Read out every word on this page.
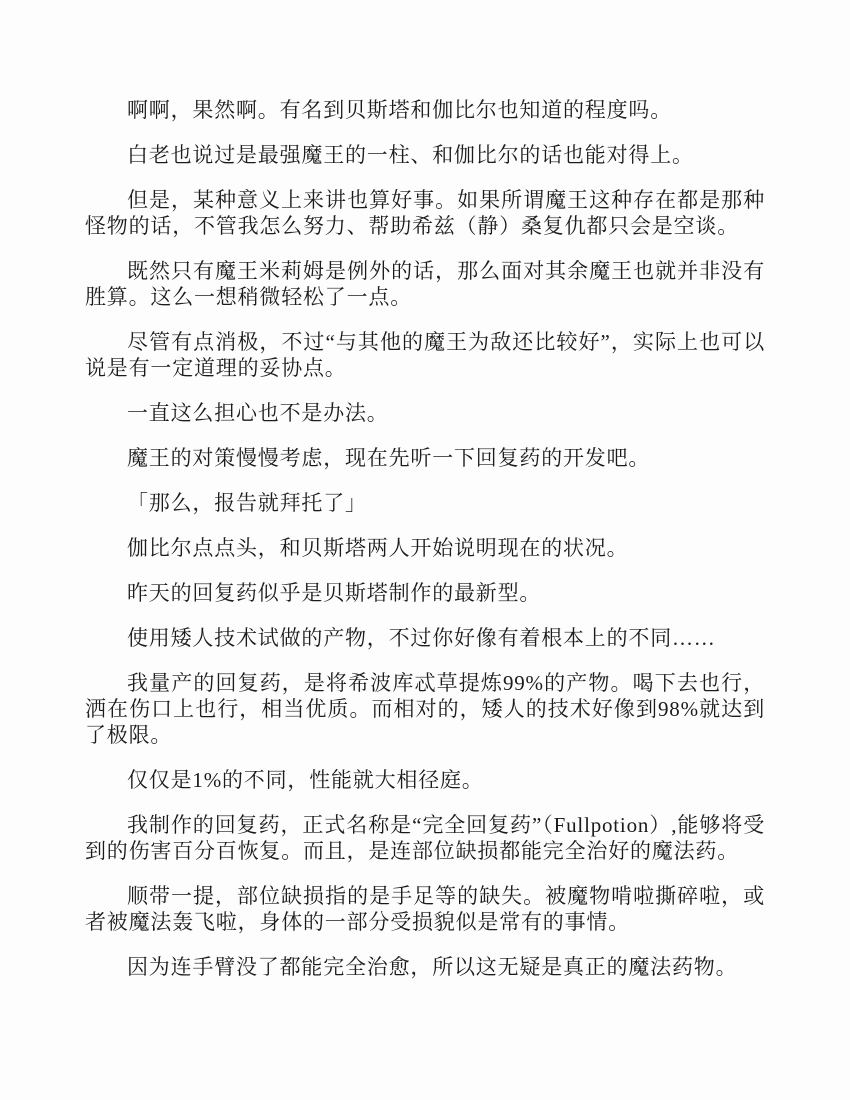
啊啊，果然啊。有名到贝斯塔和伽比尔也知道的程度吗。

白老也说过是最强魔王的一柱、和伽比尔的话也能对得上。

但是，某种意义上来讲也算好事。如果所谓魔王这种存在都是那种怪物的话，不管我怎么努力、帮助希兹（静）桑复仇都只会是空谈。

既然只有魔王米莉姆是例外的话，那么面对其余魔王也就并非没有胜算。这么一想稍微轻松了一点。

尽管有点消极，不过“与其他的魔王为敌还比较好”，实际上也可以说是有一定道理的妥协点。

一直这么担心也不是办法。

魔王的对策慢慢考虑，现在先听一下回复药的开发吧。

「那么，报告就拜托了」

伽比尔点点头，和贝斯塔两人开始说明现在的状况。

昨天的回复药似乎是贝斯塔制作的最新型。

使用矮人技术试做的产物，不过你好像有着根本上的不同……

我量产的回复药，是将希波库忒草提炼99%的产物。喝下去也行，洒在伤口上也行，相当优质。而相对的，矮人的技术好像到98%就达到了极限。

仅仅是1%的不同，性能就大相径庭。

我制作的回复药，正式名称是“完全回复药”（Fullpotion）,能够将受到的伤害百分百恢复。而且，是连部位缺损都能完全治好的魔法药。

顺带一提，部位缺损指的是手足等的缺失。被魔物啃啦撕碎啦，或者被魔法轰飞啦，身体的一部分受损貌似是常有的事情。

因为连手臂没了都能完全治愈，所以这无疑是真正的魔法药物。
